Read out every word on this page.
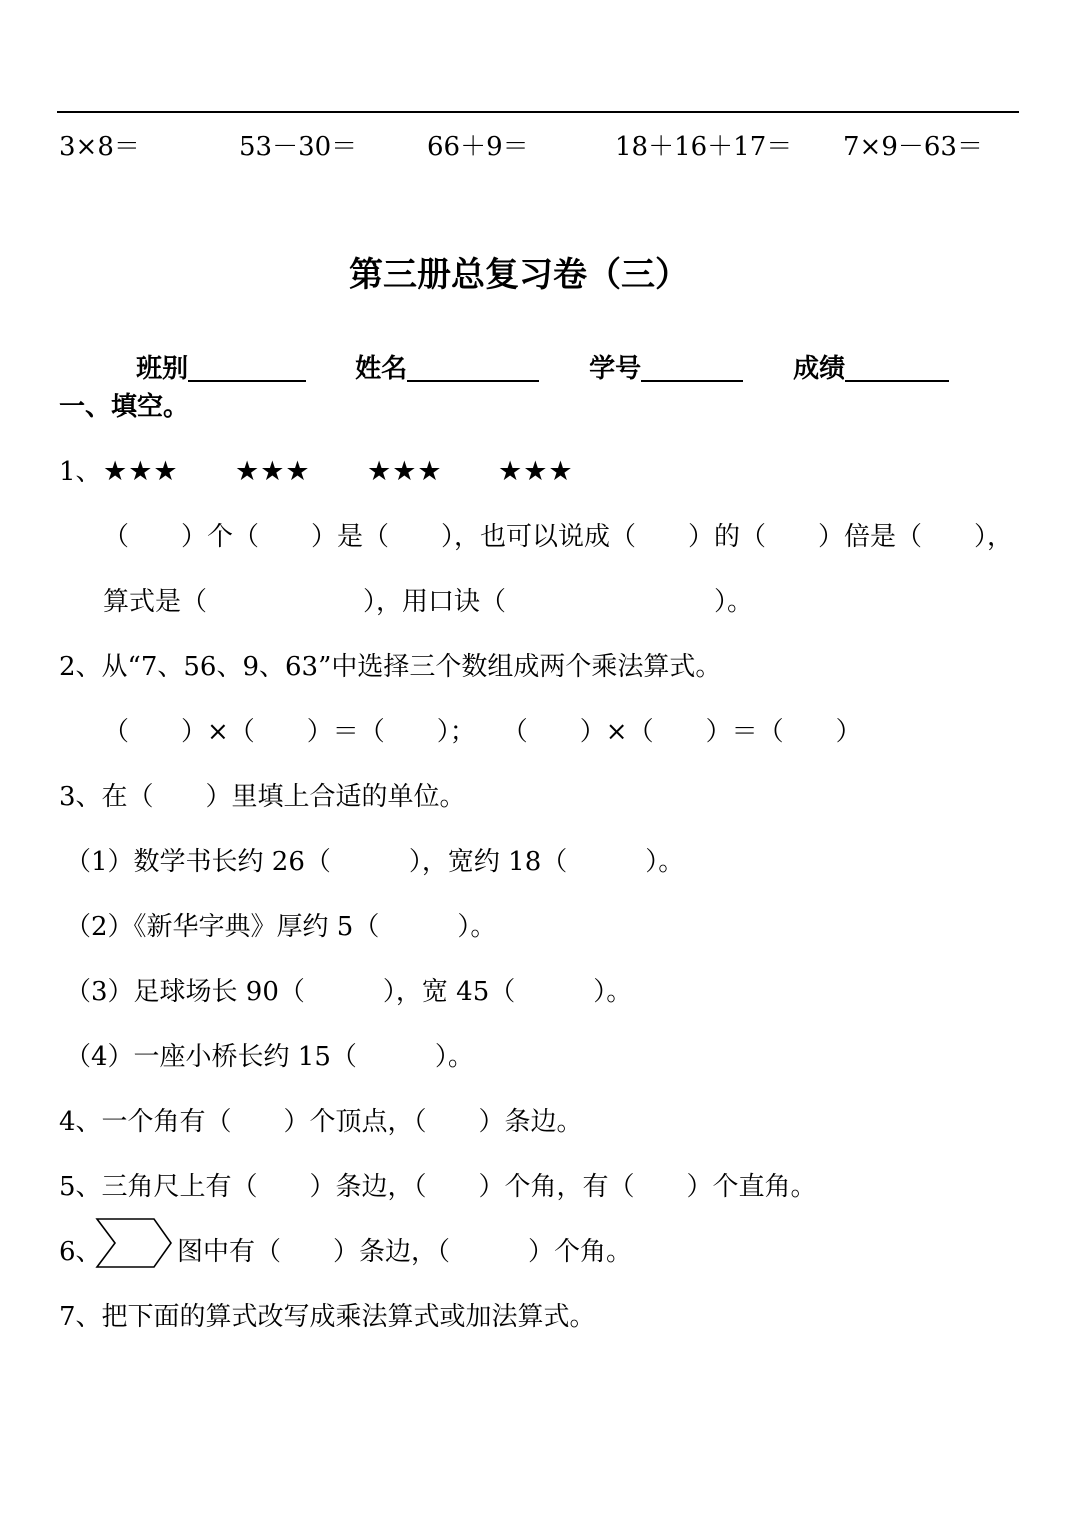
3×8＝	53－30＝	66＋9＝	18＋16＋17＝ 7×9－63＝
第三册总复习卷（三）

班别	姓名	学号	成绩

一、填空。
1、 ★★★ ★★★ ★★★ ★★★
（　　）个（　　）是（　　），也可以说成（　　）的（　　）倍是（　　），
算式是（　　　　　　），用口诀（　　　　　　　　）。
2、从“7、56、9、63”中选择三个数组成两个乘法算式。
（　　）×（　　）＝（　　）；　　（　　）×（　　）＝（　　）
3、在（　　）里填上合适的单位。
（1）数学书长约 26（　　　），宽约 18（　　　）。
（2）《新华字典》厚约 5（　　　）。
（3）足球场长 90（　　　），宽 45（　　　）。
（4）一座小桥长约 15（　　　）。
4、一个角有（　　）个顶点，（　　）条边。
5、三角尺上有（　　）条边，（　　）个角，有（　　）个直角。
6、	图中有（　　）条边，（　　　）个角。
7、把下面的算式改写成乘法算式或加法算式。
